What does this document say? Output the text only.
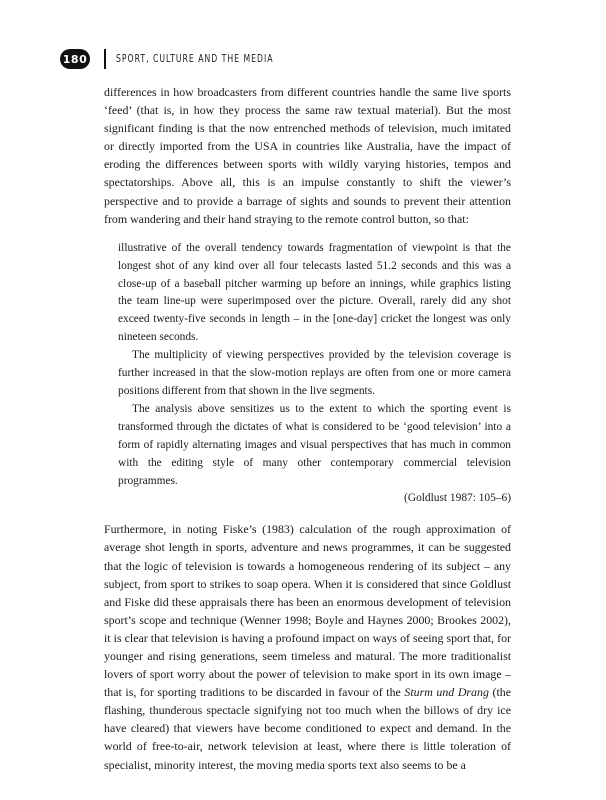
180	SPORT, CULTURE AND THE MEDIA

differences in how broadcasters from different countries handle the same live sports ‘feed’ (that is, in how they process the same raw textual material). But the most significant finding is that the now entrenched methods of television, much imitated or directly imported from the USA in countries like Australia, have the impact of eroding the differences between sports with wildly varying histories, tempos and spectatorships. Above all, this is an impulse constantly to shift the viewer’s perspective and to provide a barrage of sights and sounds to prevent their attention from wandering and their hand straying to the remote control button, so that:

illustrative of the overall tendency towards fragmentation of viewpoint is that the longest shot of any kind over all four telecasts lasted 51.2 seconds and this was a close-up of a baseball pitcher warming up before an innings, while graphics listing the team line-up were superimposed over the picture. Overall, rarely did any shot exceed twenty-five seconds in length – in the [one-day] cricket the longest was only nineteen seconds.

The multiplicity of viewing perspectives provided by the television coverage is further increased in that the slow-motion replays are often from one or more camera positions different from that shown in the live segments.

The analysis above sensitizes us to the extent to which the sporting event is transformed through the dictates of what is considered to be ‘good television’ into a form of rapidly alternating images and visual perspectives that has much in common with the editing style of many other contemporary commercial television programmes.

(Goldlust 1987: 105–6)

Furthermore, in noting Fiske’s (1983) calculation of the rough approximation of average shot length in sports, adventure and news programmes, it can be suggested that the logic of television is towards a homogeneous rendering of its subject – any subject, from sport to strikes to soap opera. When it is considered that since Goldlust and Fiske did these appraisals there has been an enormous development of television sport’s scope and technique (Wenner 1998; Boyle and Haynes 2000; Brookes 2002), it is clear that television is having a profound impact on ways of seeing sport that, for younger and rising generations, seem timeless and matural. The more traditionalist lovers of sport worry about the power of television to make sport in its own image – that is, for sporting traditions to be discarded in favour of the Sturm und Drang (the flashing, thunderous spectacle signifying not too much when the billows of dry ice have cleared) that viewers have become conditioned to expect and demand. In the world of free-to-air, network television at least, where there is little toleration of specialist, minority interest, the moving media sports text also seems to be a
